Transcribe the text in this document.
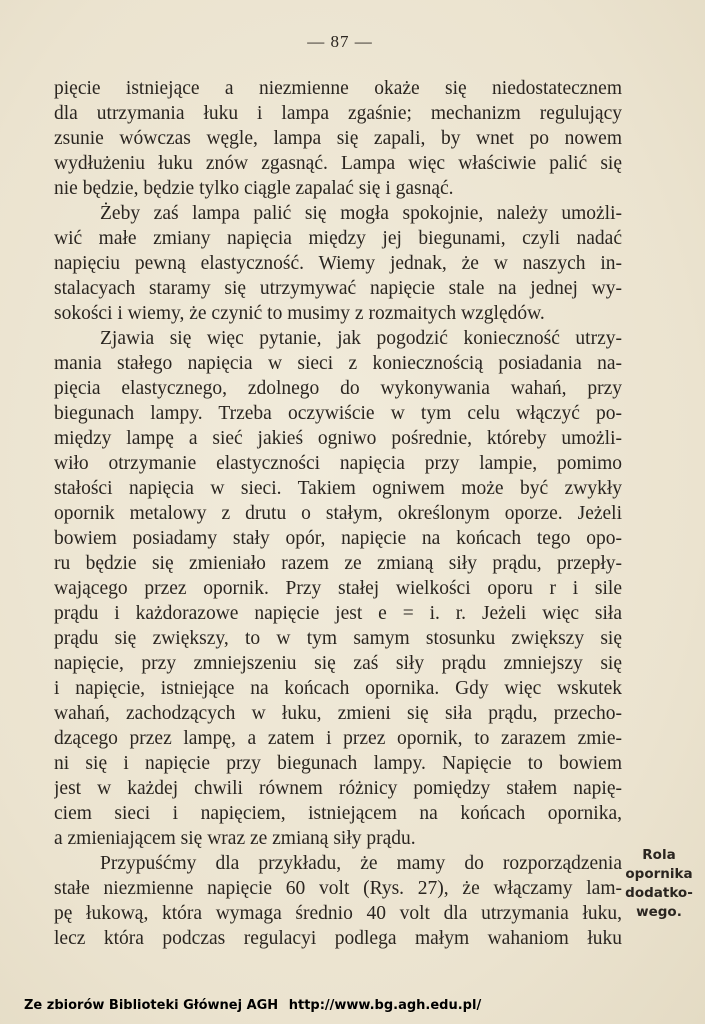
— 87 —
pięcie istniejące a niezmienne okaże się niedostatecznem
dla utrzymania łuku i lampa zgaśnie; mechanizm regulujący
zsunie wówczas węgle, lampa się zapali, by wnet po nowem
wydłużeniu łuku znów zgasnąć. Lampa więc właściwie palić się
nie będzie, będzie tylko ciągle zapalać się i gasnąć.
Żeby zaś lampa palić się mogła spokojnie, należy umożli-
wić małe zmiany napięcia między jej biegunami, czyli nadać
napięciu pewną elastyczność. Wiemy jednak, że w naszych in-
stalacyach staramy się utrzymywać napięcie stale na jednej wy-
sokości i wiemy, że czynić to musimy z rozmaitych względów.
Zjawia się więc pytanie, jak pogodzić konieczność utrzy-
mania stałego napięcia w sieci z koniecznością posiadania na-
pięcia elastycznego, zdolnego do wykonywania wahań, przy
biegunach lampy. Trzeba oczywiście w tym celu włączyć po-
między lampę a sieć jakieś ogniwo pośrednie, któreby umożli-
wiło otrzymanie elastyczności napięcia przy lampie, pomimo
stałości napięcia w sieci. Takiem ogniwem może być zwykły
opornik metalowy z drutu o stałym, określonym oporze. Jeżeli
bowiem posiadamy stały opór, napięcie na końcach tego opo-
ru będzie się zmieniało razem ze zmianą siły prądu, przepły-
wającego przez opornik. Przy stałej wielkości oporu r i sile
prądu i każdorazowe napięcie jest e = i. r. Jeżeli więc siła
prądu się zwiększy, to w tym samym stosunku zwiększy się
napięcie, przy zmniejszeniu się zaś siły prądu zmniejszy się
i napięcie, istniejące na końcach opornika. Gdy więc wskutek
wahań, zachodzących w łuku, zmieni się siła prądu, przecho-
dzącego przez lampę, a zatem i przez opornik, to zarazem zmie-
ni się i napięcie przy biegunach lampy. Napięcie to bowiem
jest w każdej chwili równem różnicy pomiędzy stałem napię-
ciem sieci i napięciem, istniejącem na końcach opornika,
a zmieniającem się wraz ze zmianą siły prądu.
Przypuśćmy dla przykładu, że mamy do rozporządzenia
stałe niezmienne napięcie 60 volt (Rys. 27), że włączamy lam-
pę łukową, która wymaga średnio 40 volt dla utrzymania łuku,
lecz która podczas regulacyi podlega małym wahaniom łuku
Rola
opornika
dodatko-
wego.
Ze zbiorów Biblioteki Głównej AGH http://www.bg.agh.edu.pl/
